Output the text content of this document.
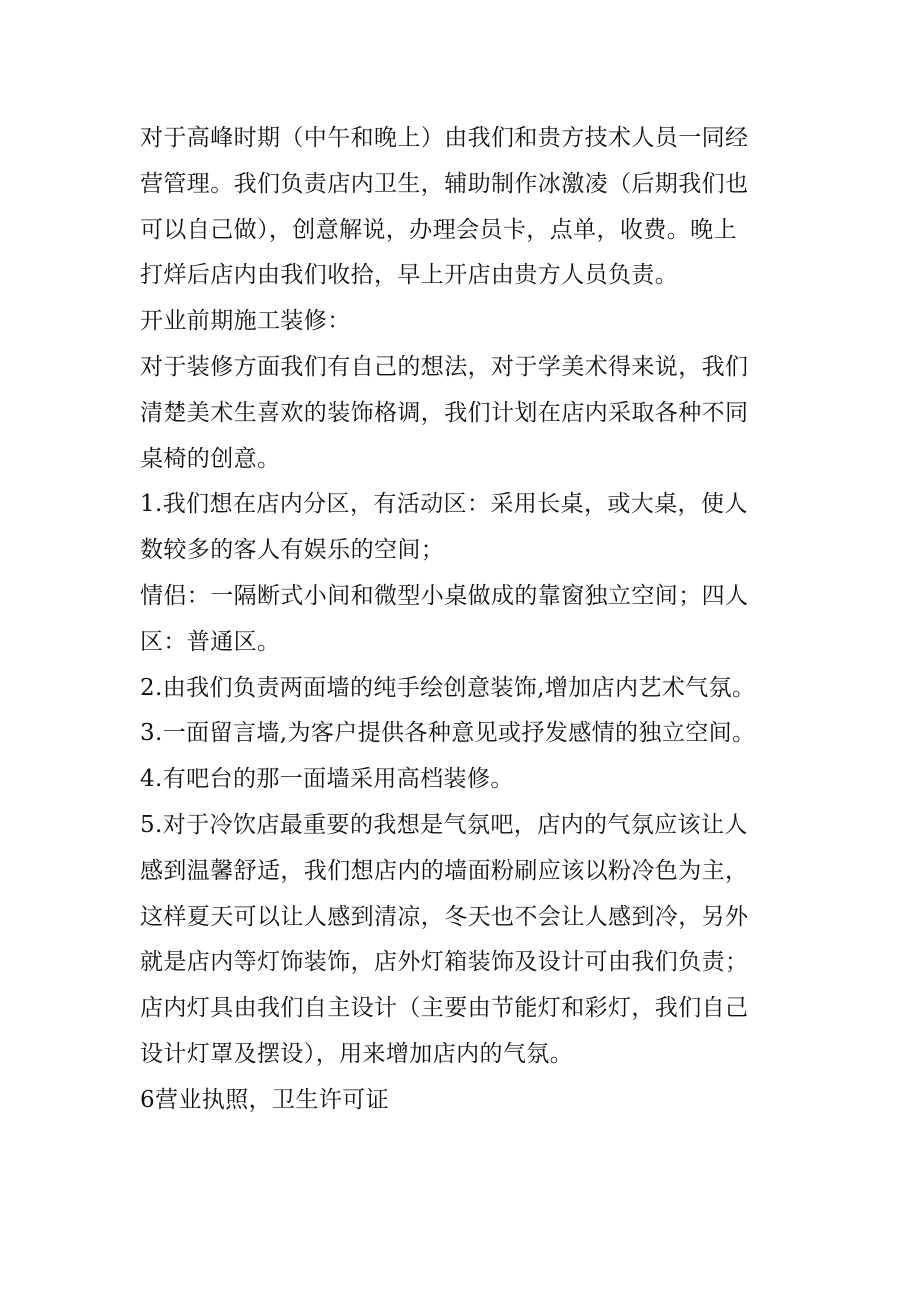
对于高峰时期（中午和晚上）由我们和贵方技术人员一同经
营管理。我们负责店内卫生，辅助制作冰激凌（后期我们也
可以自己做），创意解说，办理会员卡，点单，收费。晚上
打烊后店内由我们收拾，早上开店由贵方人员负责。
开业前期施工装修：
对于装修方面我们有自己的想法，对于学美术得来说，我们
清楚美术生喜欢的装饰格调，我们计划在店内采取各种不同
桌椅的创意。
1.我们想在店内分区，有活动区：采用长桌，或大桌，使人
数较多的客人有娱乐的空间；
情侣：一隔断式小间和微型小桌做成的靠窗独立空间；四人
区：普通区。
2.由我们负责两面墙的纯手绘创意装饰,增加店内艺术气氛。
3.一面留言墙,为客户提供各种意见或抒发感情的独立空间。
4.有吧台的那一面墙采用高档装修。
5.对于冷饮店最重要的我想是气氛吧，店内的气氛应该让人
感到温馨舒适，我们想店内的墙面粉刷应该以粉冷色为主，
这样夏天可以让人感到清凉，冬天也不会让人感到冷，另外
就是店内等灯饰装饰，店外灯箱装饰及设计可由我们负责；
店内灯具由我们自主设计（主要由节能灯和彩灯，我们自己
设计灯罩及摆设），用来增加店内的气氛。
6营业执照，卫生许可证
